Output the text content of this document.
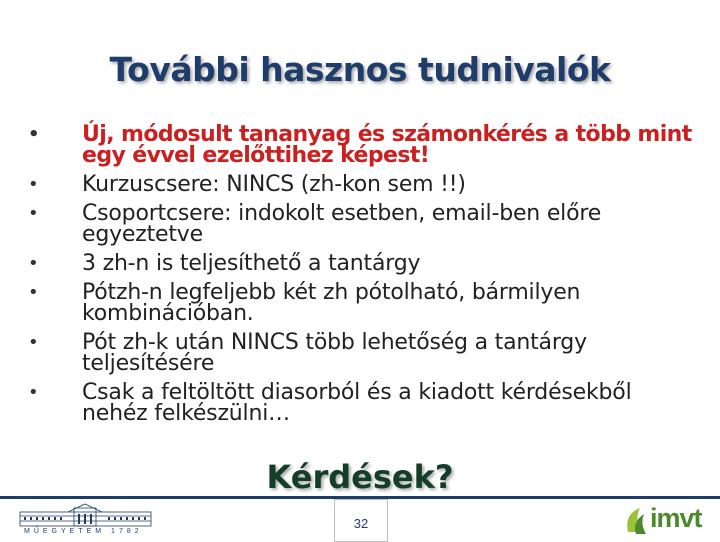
További hasznos tudnivalók
• Új, módosult tananyag és számonkérés a több mint egy évvel ezelőttihez képest!
• Kurzuscsere: NINCS (zh-kon sem !!)
• Csoportcsere: indokolt esetben, email-ben előre egyeztetve
• 3 zh-n is teljesíthető a tantárgy
• Pótzh-n legfeljebb két zh pótolható, bármilyen kombinációban.
• Pót zh-k után NINCS több lehetőség a tantárgy teljesítésére
• Csak a feltöltött diasorból és a kiadott kérdésekből nehéz felkészülni…
Kérdések?
MŰEGYETEM 1782
32	imvt
